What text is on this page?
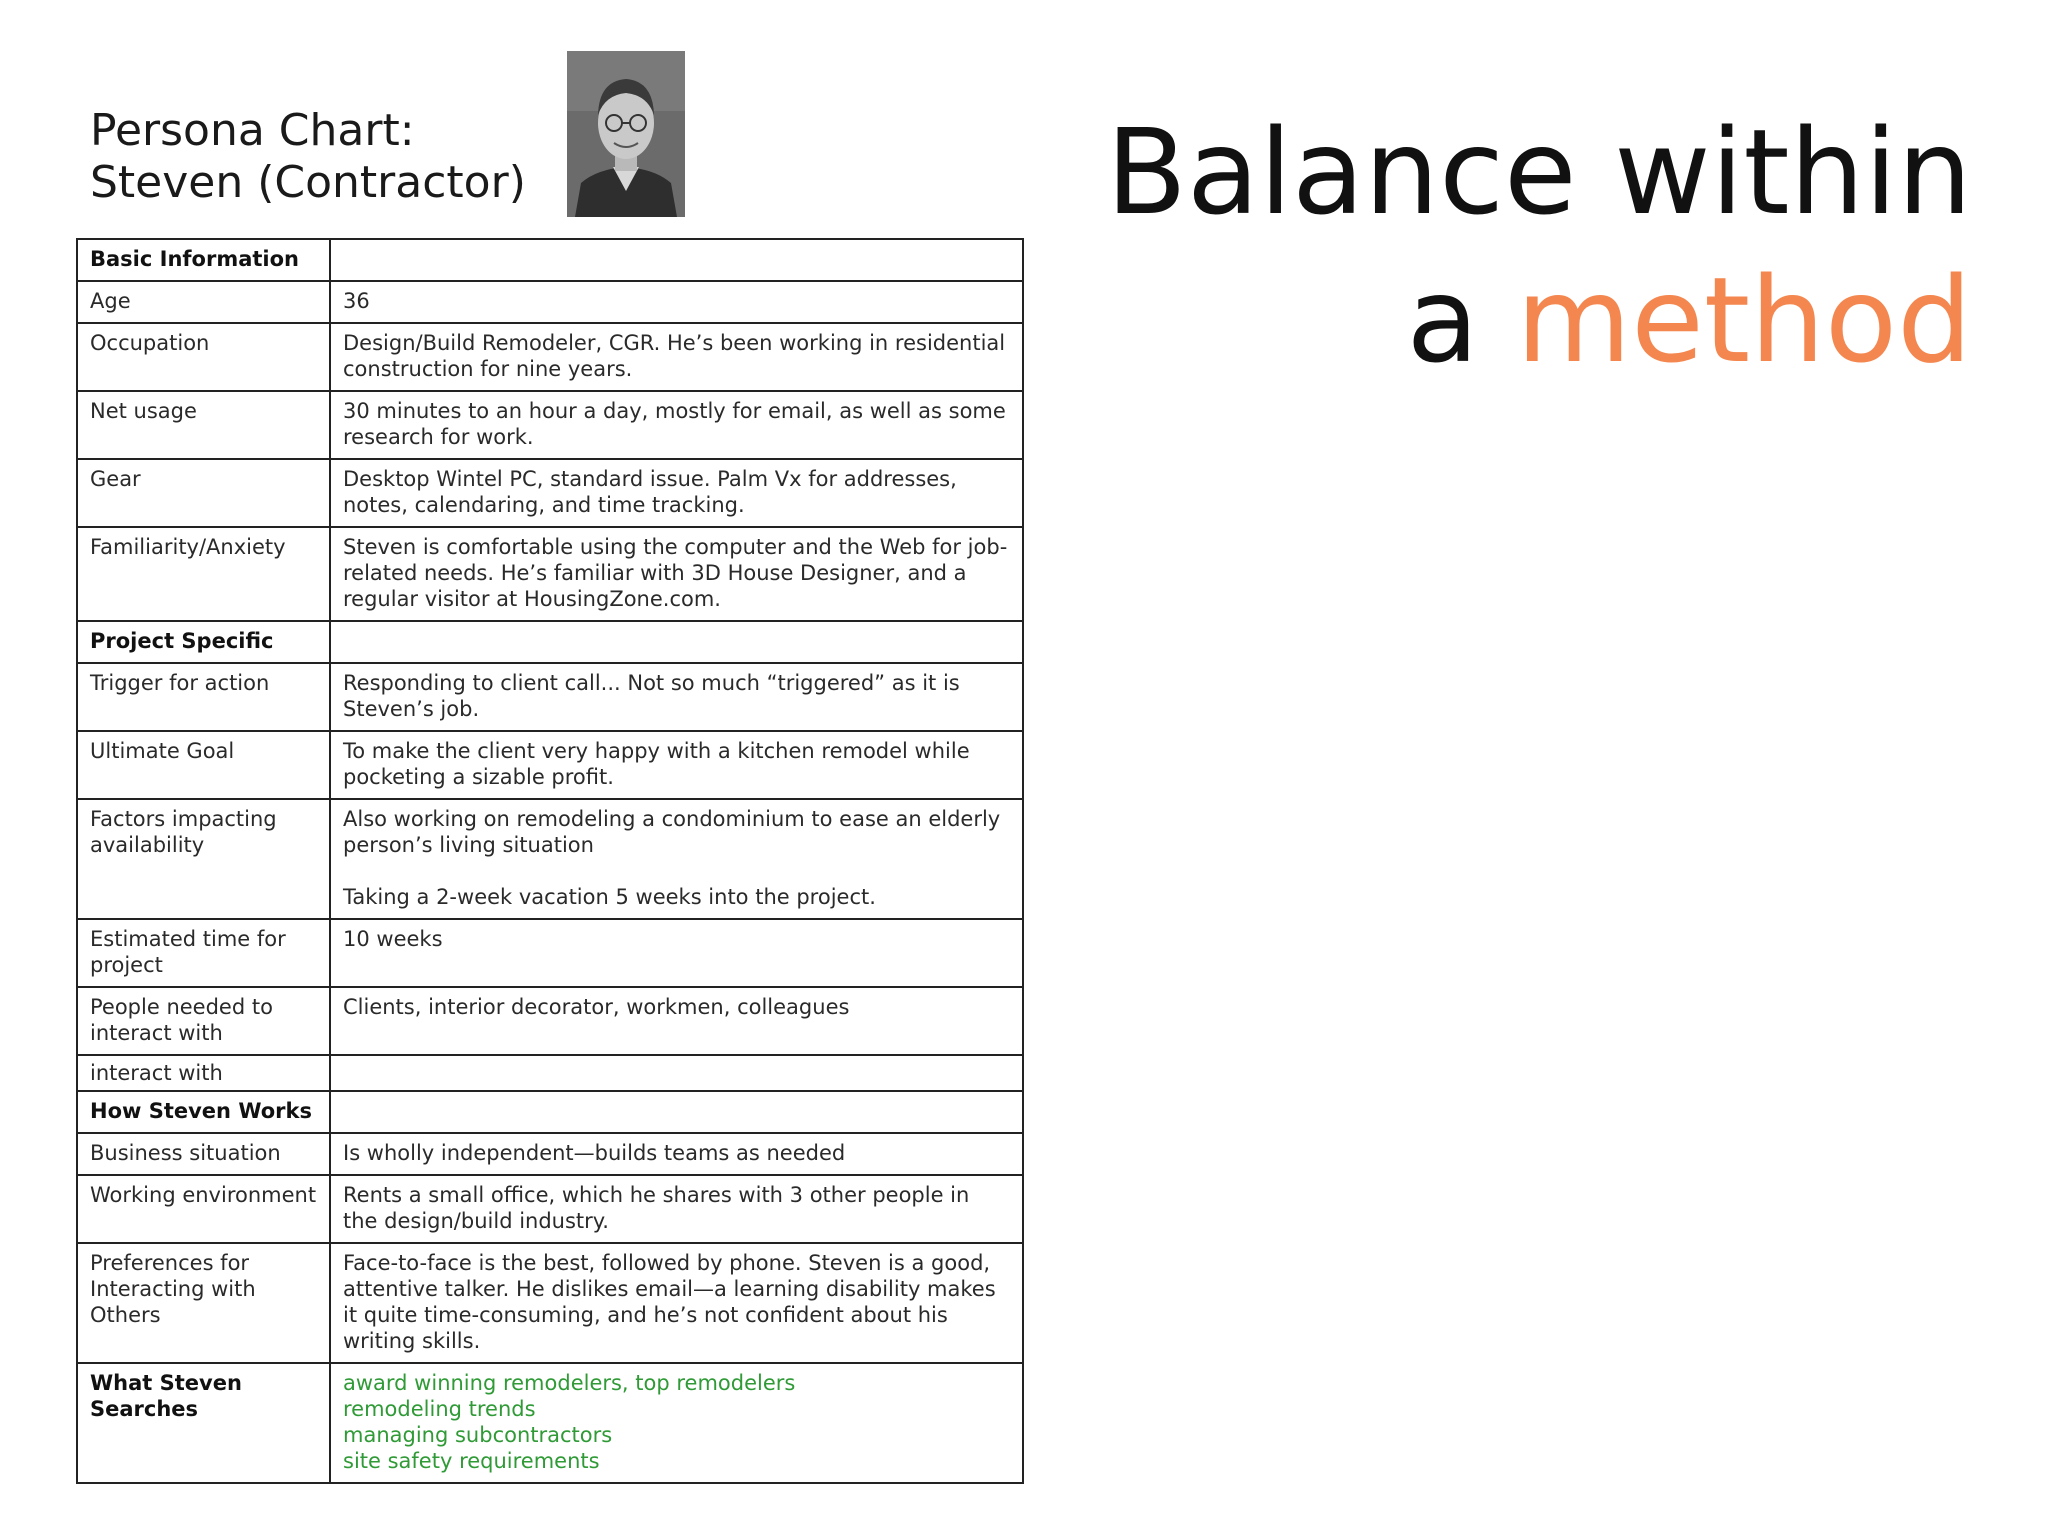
Persona Chart:
Steven (Contractor)	Balance within
a method
Basic Information	
Age	36
Occupation	Design/Build Remodeler, CGR. He’s been working in residential construction for nine years.
Net usage	30 minutes to an hour a day, mostly for email, as well as some research for work.
Gear	Desktop Wintel PC, standard issue. Palm Vx for addresses, notes, calendaring, and time tracking.
Familiarity/Anxiety	Steven is comfortable using the computer and the Web for job-related needs. He’s familiar with 3D House Designer, and a regular visitor at HousingZone.com.
Project Specific	
Trigger for action	Responding to client call... Not so much “triggered” as it is Steven’s job.
Ultimate Goal	To make the client very happy with a kitchen remodel while pocketing a sizable profit.
Factors impacting availability	Also working on remodeling a condominium to ease an elderly person’s living situation
Taking a 2-week vacation 5 weeks into the project.

Estimated time for project	10 weeks
People needed to interact with	Clients, interior decorator, workmen, colleagues
interact with	
How Steven Works	
Business situation	Is wholly independent—builds teams as needed
Working environment	Rents a small office, which he shares with 3 other people in the design/build industry.
Preferences for Interacting with Others	Face-to-face is the best, followed by phone. Steven is a good, attentive talker. He dislikes email—a learning disability makes it quite time-consuming, and he’s not confident about his writing skills.
What Steven Searches	award winning remodelers, top remodelers
remodeling trends
managing subcontractors
site safety requirements
